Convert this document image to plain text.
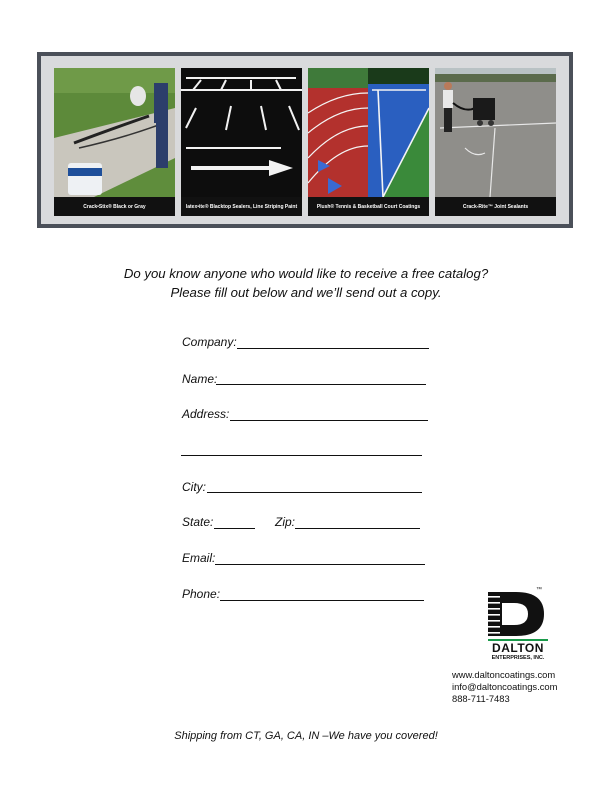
Crack•Stix® Black or Gray	latex•ite® Blacktop Sealers, Line Striping Paint	Plush® Tennis & Basketball Court Coatings	Crack-Rite™ Joint Sealants
Do you know anyone who would like to receive a free catalog?
Please fill out below and we’ll send out a copy.
Company:
Name:
Address:
City:
State:	Zip:
Email:
Phone:	™
DALTON
ENTERPRISES, INC.
www.daltoncoatings.com
info@daltoncoatings.com
888-711-7483
Shipping from CT, GA, CA, IN –We have you covered!
